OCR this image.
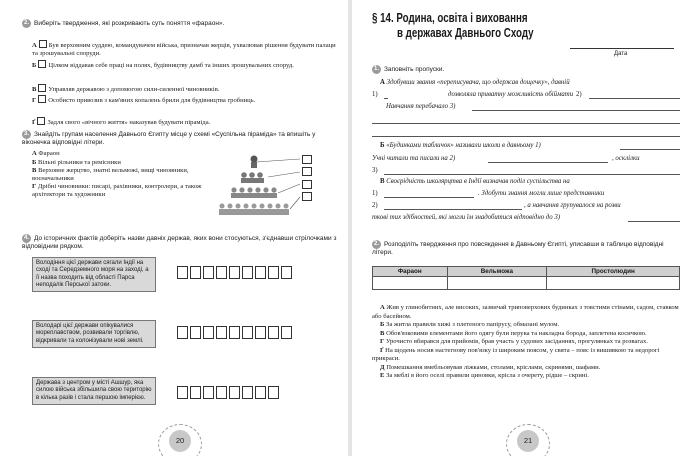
2. Виберіть твердження, які розкривають суть поняття «фараон».
А Був верховним суддею, командувачем війська, призначав жерців, ухвалював рішення будувати палаци та зрошувальні споруди.
Б Цілком віддавав себе праці на полях, будівництву дамб та інших зрошувальних споруд.
В Управляв державою з допомогою сили-силенної чиновників.
Г Особисто привозив з кам'яних копалень брили для будівництва гробниць.
Ґ Задля свого «вічного життя» наказував будувати піраміда.
3. Знайдіть групам населення Давнього Єгипту місце у схемі «Суспільна піраміда» та впишіть у віконечка відповідні літери.
А Фараон
Б Вільні рільники та ремісники
В Верховне жерцтво, знатні вельможі, вищі чиновники, воєначальники
Г Дрібні чиновники: писарі, рахівники, контролери, а також архітектори та художники
4. До історичних фактів доберіть назви давніх держав, яких вони стосуються, з'єднавши стрілочками з відповідним рядком.
Володіння цієї держави сягали Індії на сході та Середземного моря на заході, а її назва походить від області Парса неподалік Перської затоки.
Володарі цієї держави опікувалися мореплавством, розвивали торгівлю, відкривали та колонізували нові землі.
Держава з центром у місті Ашшур, яка силою війська збільшила свою територію в кілька разів і стала першою імперією.
20
§ 14. Родина, освіта і виховання
в державах Давнього Сходу
Дата
1. Заповніть пропуски.
А Здобувши звання «переписувача, що одержав дощечку», давній
1)	дозволяла приватну можливість обіймати 2)
Навчання перебачало 3)
Б «Будинками табличок» називали школи в давньому 1)
Учні читали та писали на 2)	, осклілки
3)
В Своєрідність школярцтва в Індії визначав поділ суспільства на
1)	. Здобути знання могли лише представники
2)	, а навчання групувалося на розви
ткові тих здібностей, які могли їм знадобитися відповідно до 3)
2. Розподіліть твердження про повсякдення в Давньому Єгипті, уписавши в таблицю відповідні літери.
Фараон	Вельможа	Простолюдин

А Жив у глинобитних, але високих, зазвичай триповерхових будинках з товстими стінами, садом, ставком або басейном.

Б За житла правили хижі з плетеного папірусу, обмазані мулом.

В Обов'язковими елементами його одягу були перука та накладна борода, заплетена косичкою.

Г Урочисто вбирався для прийомів, брав участь у судових засіданнях, прогулянках та розвагах.

Ґ На щодень носив настегнову пов'язку із широким поясом, у свята – пояс із вишивкою та недорогі прикраси.

Д Помешкання вмебльовував ліжками, столами, кріслами, скринями, шафами.

Е За меблі в його оселі правили циновки, крісла з очерету, рідше – скрині.

21
